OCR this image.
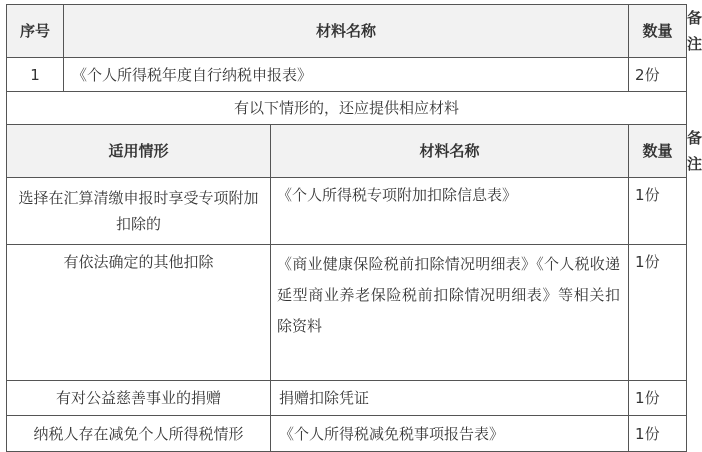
序号	材料名称		数量	备注
1	《个人所得税年度自行纳税申报表》		2份	
有以下情形的，还应提供相应材料				
适用情形		材料名称	数量	备注
选择在汇算清缴申报时享受专项附加扣除的		《个人所得税专项附加扣除信息表》	1份	
有依法确定的其他扣除		《商业健康保险税前扣除情况明细表》《个人税收递延型商业养老保险税前扣除情况明细表》等相关扣除资料	1份	
有对公益慈善事业的捐赠		捐赠扣除凭证	1份	
纳税人存在减免个人所得税情形		《个人所得税减免税事项报告表》	1份	
